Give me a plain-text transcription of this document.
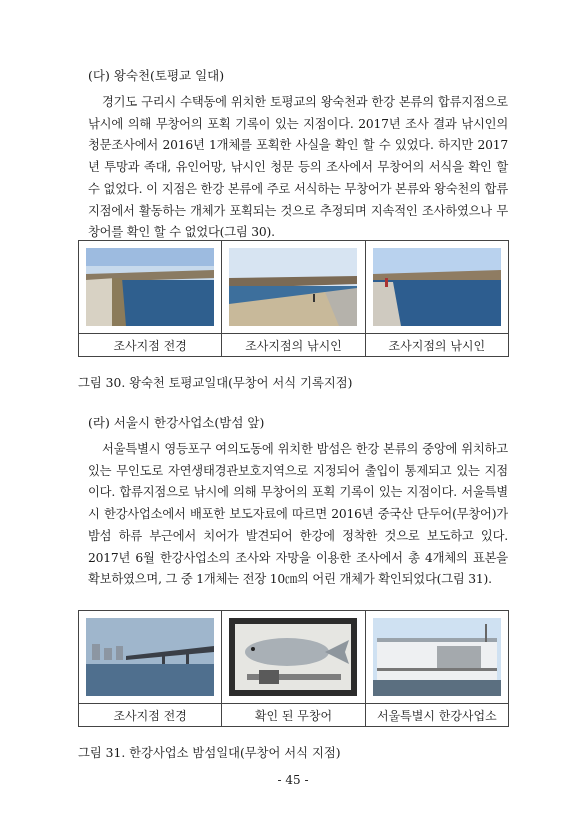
(다) 왕숙천(토평교 일대)

경기도 구리시 수택동에 위치한 토평교의 왕숙천과 한강 본류의 합류지점으로 낚시에 의해 무창어의 포획 기록이 있는 지점이다. 2017년 조사 결과 낚시인의 청문조사에서 2016년 1개체를 포획한 사실을 확인 할 수 있었다. 하지만 2017년 투망과 족대, 유인어망, 낚시인 청문 등의 조사에서 무창어의 서식을 확인 할 수 없었다. 이 지점은 한강 본류에 주로 서식하는 무창어가 본류와 왕숙천의 합류지점에서 활동하는 개체가 포획되는 것으로 추정되며 지속적인 조사하였으나 무창어를 확인 할 수 없었다(그림 30).

조사지점 전경	조사지점의 낚시인	조사지점의 낚시인
그림 30. 왕숙천 토평교일대(무창어 서식 기록지점)
(라) 서울시 한강사업소(밤섬 앞)

서울특별시 영등포구 여의도동에 위치한 밤섬은 한강 본류의 중앙에 위치하고 있는 무인도로 자연생태경관보호지역으로 지정되어 출입이 통제되고 있는 지점이다. 합류지점으로 낚시에 의해 무창어의 포획 기록이 있는 지점이다. 서울특별시 한강사업소에서 배포한 보도자료에 따르면 2016년 중국산 단두어(무창어)가 밤섬 하류 부근에서 치어가 발견되어 한강에 정착한 것으로 보도하고 있다. 2017년 6월 한강사업소의 조사와 자망을 이용한 조사에서 총 4개체의 표본을 확보하였으며, 그 중 1개체는 전장 10㎝의 어린 개체가 확인되었다(그림 31).

조사지점 전경	확인 된 무창어	서울특별시 한강사업소
그림 31. 한강사업소 밤섬일대(무창어 서식 지점)
- 45 -
